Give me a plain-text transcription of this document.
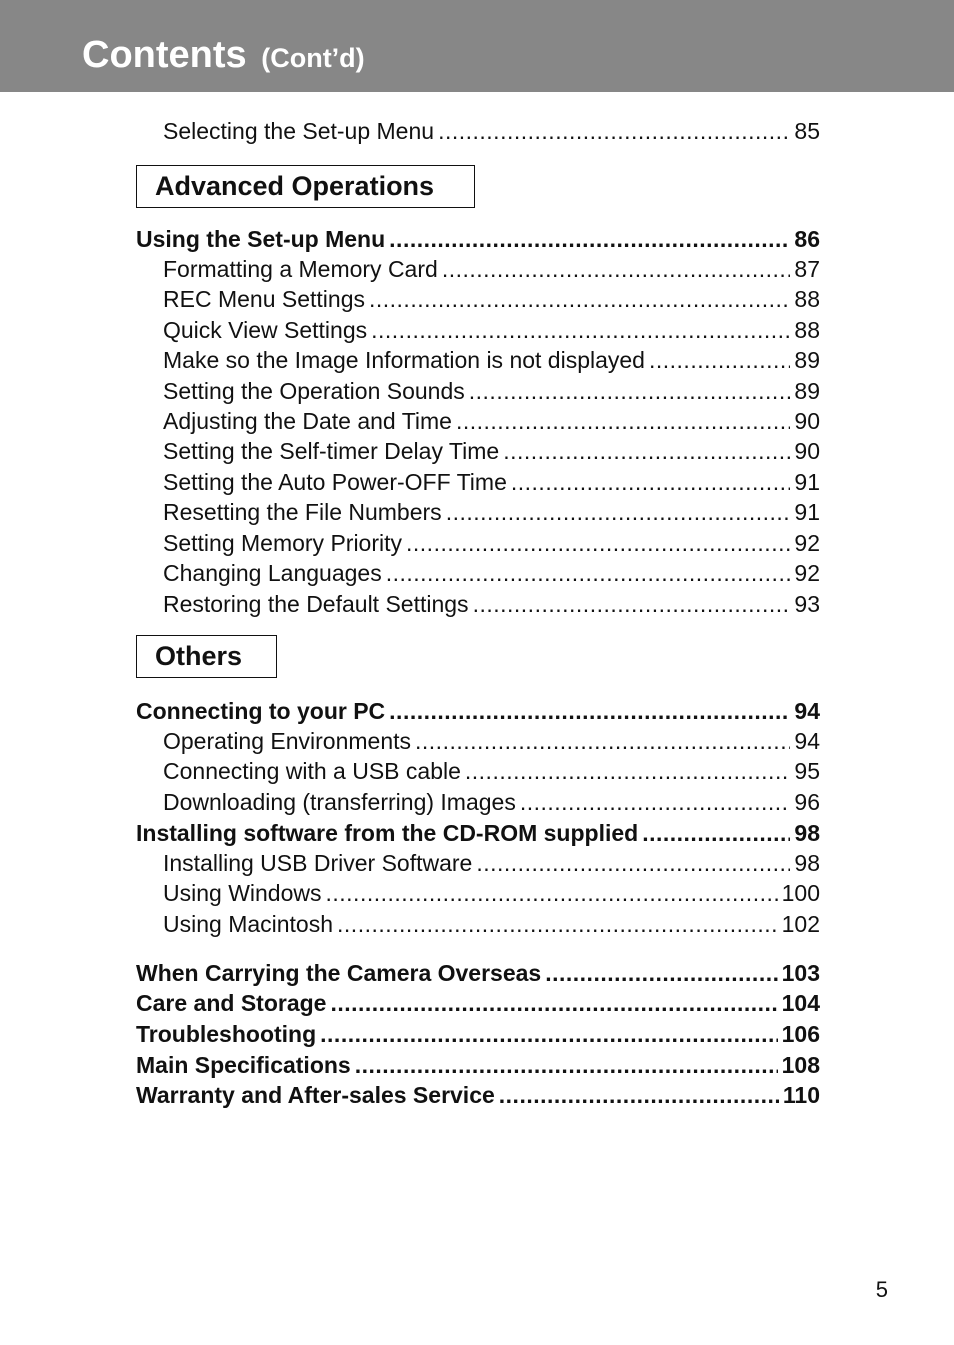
Contents (Cont’d)
Selecting the Set-up Menu .....	85
Advanced Operations
Using the Set-up Menu .....	86
Formatting a Memory Card .....	87
REC Menu Settings .....	88
Quick View Settings .....	88
Make so the Image Information is not displayed .....	89
Setting the Operation Sounds .....	89
Adjusting the Date and Time .....	90
Setting the Self-timer Delay Time .....	90
Setting the Auto Power-OFF Time .....	91
Resetting the File Numbers .....	91
Setting Memory Priority .....	92
Changing Languages .....	92
Restoring the Default Settings .....	93
Others
Connecting to your PC .....	94
Operating Environments .....	94
Connecting with a USB cable .....	95
Downloading (transferring) Images .....	96
Installing software from the CD-ROM supplied .....	98
Installing USB Driver Software .....	98
Using Windows .....	100
Using Macintosh .....	102
When Carrying the Camera Overseas .....	103
Care and Storage .....	104
Troubleshooting .....	106
Main Specifications .....	108
Warranty and After-sales Service .....	110
5
